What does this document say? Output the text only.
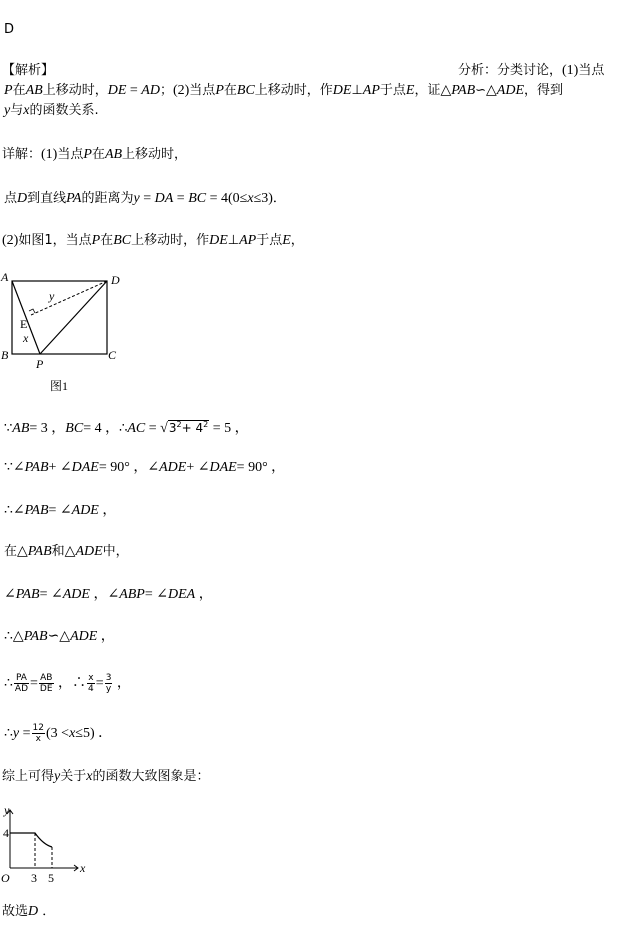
D
【解析】	分析：分类讨论，(1)当点
P在AB上移动时，DE = AD；(2)当点P在BC上移动时，作DE⊥AP于点E，证△PAB∽△ADE，得到
y与x的函数关系.
详解：(1)当点P在AB上移动时，
点D到直线PA的距离为y = DA = BC = 4(0≤x≤3)．
(2)如图1，当点P在BC上移动时，作DE⊥AP于点E，
A	D
B	C
P
E
x
y
图1
∵AB= 3 ，BC= 4 ，∴AC = $√3^2+ 4^2 = 5$ ，
∵∠PAB+ ∠DAE= 90° ，∠ADE+ ∠DAE= 90° ，
∴∠PAB= ∠ADE ，
在△PAB和△ADE中，
∠PAB= ∠ADE ，∠ABP= ∠DEA ，
∴△PAB∽△ADE ，
∴ $\frac{PA}{AD} = \frac{AB}{DE}$ ，∴ $\frac{x}{4} = \frac{3}{y}$ ，
∴y = $\frac{12}{x} (3 <x\le 5)$ ．
综上可得y关于x的函数大致图象是：
y
4
x
O 3 5
故选D ．
